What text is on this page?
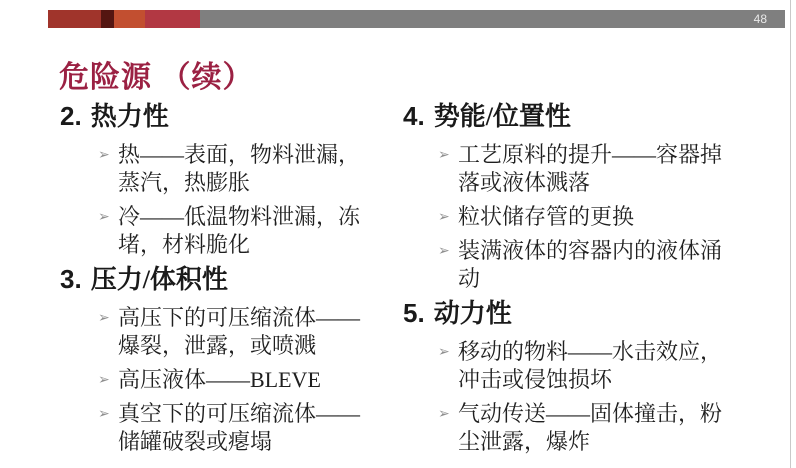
48
危险源 （续）
2. 热力性
➢ 热——表面，物料泄漏，
蒸汽，热膨胀
➢ 冷——低温物料泄漏，冻
堵，材料脆化
3. 压力/体积性
➢ 高压下的可压缩流体——
爆裂，泄露，或喷溅
➢ 高压液体——BLEVE
➢ 真空下的可压缩流体——
储罐破裂或瘪塌
4. 势能/位置性
➢ 工艺原料的提升——容器掉
落或液体溅落
➢ 粒状储存管的更换
➢ 装满液体的容器内的液体涌
动
5. 动力性
➢ 移动的物料——水击效应，
冲击或侵蚀损坏
➢ 气动传送——固体撞击，粉
尘泄露，爆炸
